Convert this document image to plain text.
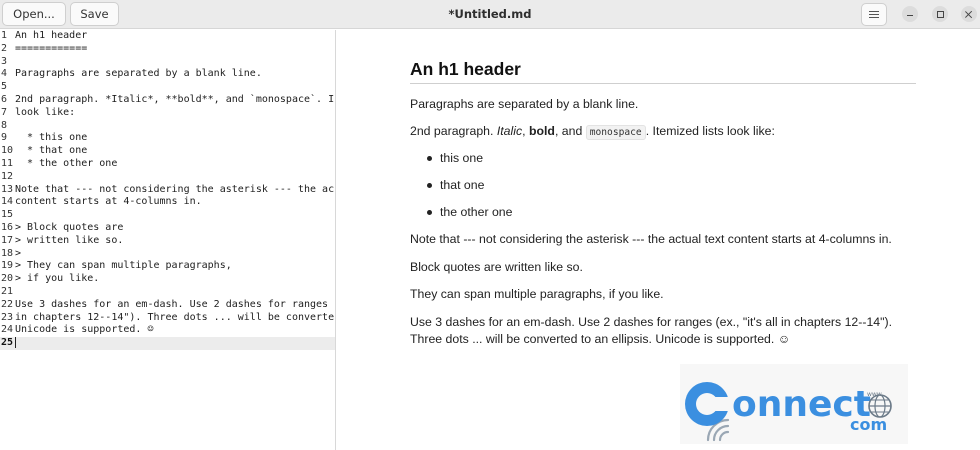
Open...	Save	*Untitled.md
1
2
3
4
5
6
7
8
9
10
11
12
13
14
15
16
17
18
19
20
21
22
23
24
25
An h1 header
============
Paragraphs are separated by a blank line.
2nd paragraph. *Italic*, **bold**, and `monospace`. I
look like:
* this one
* that one
* the other one
Note that --- not considering the asterisk --- the ac
content starts at 4-columns in.
> Block quotes are
> written like so.
>
> They can span multiple paragraphs,
> if you like.
Use 3 dashes for an em-dash. Use 2 dashes for ranges
in chapters 12--14"). Three dots ... will be converte
Unicode is supported. ☺
An h1 header
Paragraphs are separated by a blank line.
2nd paragraph. Italic, bold, and monospace . Itemized lists look like:
this one
that one
the other one
Note that --- not considering the asterisk --- the actual text content starts at 4-columns in.
Block quotes are written like so.
They can span multiple paragraphs, if you like.
Use 3 dashes for an em-dash. Use 2 dashes for ranges (ex., "it's all in chapters 12--14"). Three dots ... will be converted to an ellipsis. Unicode is supported. ☺
onnect
www
com
